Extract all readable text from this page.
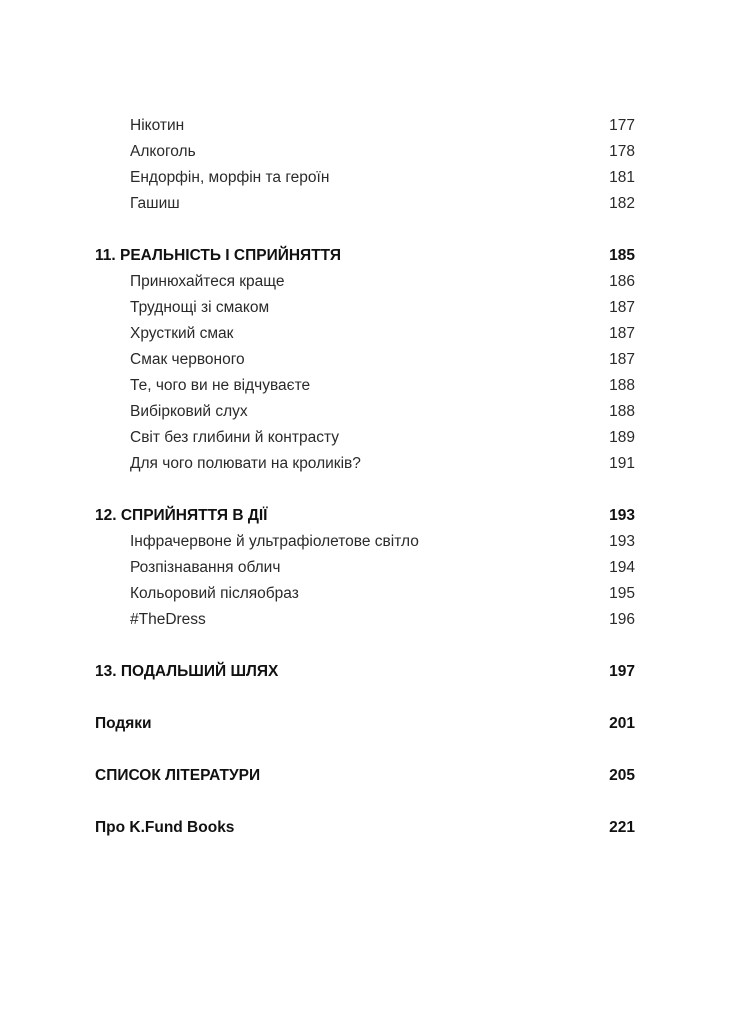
Нікотин	177
Алкоголь	178
Ендорфін, морфін та героїн	181
Гашиш	182
11. РЕАЛЬНІСТЬ І СПРИЙНЯТТЯ	185
Принюхайтеся краще	186
Труднощі зі смаком	187
Хрусткий смак	187
Смак червоного	187
Те, чого ви не відчуваєте	188
Вибірковий слух	188
Світ без глибини й контрасту	189
Для чого полювати на кроликів?	191
12. СПРИЙНЯТТЯ В ДІЇ	193
Інфрачервоне й ультрафіолетове світло	193
Розпізнавання облич	194
Кольоровий післяобраз	195
#TheDress	196
13. ПОДАЛЬШИЙ ШЛЯХ	197
Подяки	201
СПИСОК ЛІТЕРАТУРИ	205
Про K.Fund Books	221
